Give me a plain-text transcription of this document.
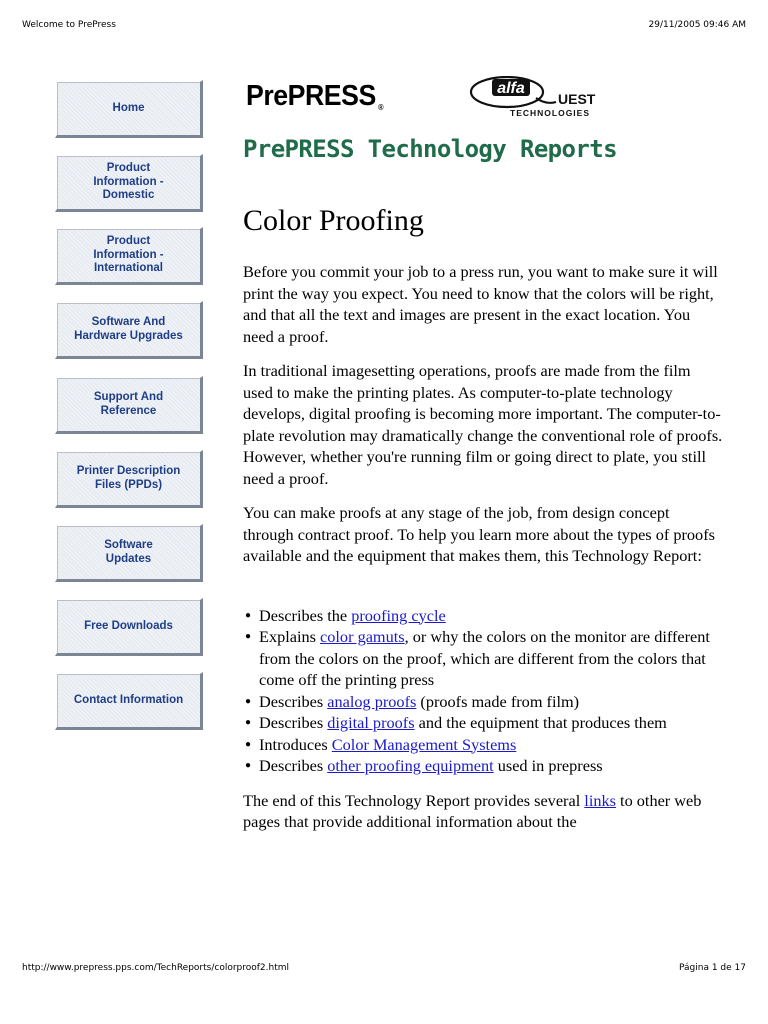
Welcome to PrePress	29/11/2005 09:46 AM
Home
Product
Information -
Domestic
Product
Information -
International
Software And
Hardware Upgrades
Support And
Reference
Printer Description
Files (PPDs)
Software
Updates
Free Downloads
Contact Information
PrePRESS ®
alfa
UEST
TECHNOLOGIES
PrePRESS Technology Reports
Color Proofing

Before you commit your job to a press run, you want to make sure it will print the way you expect. You need to know that the colors will be right, and that all the text and images are present in the exact location. You need a proof.

In traditional imagesetting operations, proofs are made from the film used to make the printing plates. As computer-to-plate technology develops, digital proofing is becoming more important. The computer-to-plate revolution may dramatically change the conventional role of proofs. However, whether you're running film or going direct to plate, you still need a proof.

You can make proofs at any stage of the job, from design concept through contract proof. To help you learn more about the types of proofs available and the equipment that makes them, this Technology Report:

● Describes the proofing cycle
● Explains color gamuts, or why the colors on the monitor are different from the colors on the proof, which are different from the colors that come off the printing press
● Describes analog proofs (proofs made from film)
● Describes digital proofs and the equipment that produces them
● Introduces Color Management Systems
● Describes other proofing equipment used in prepress

The end of this Technology Report provides several links to other web pages that provide additional information about the

http://www.prepress.pps.com/TechReports/colorproof2.html	Página 1 de 17
